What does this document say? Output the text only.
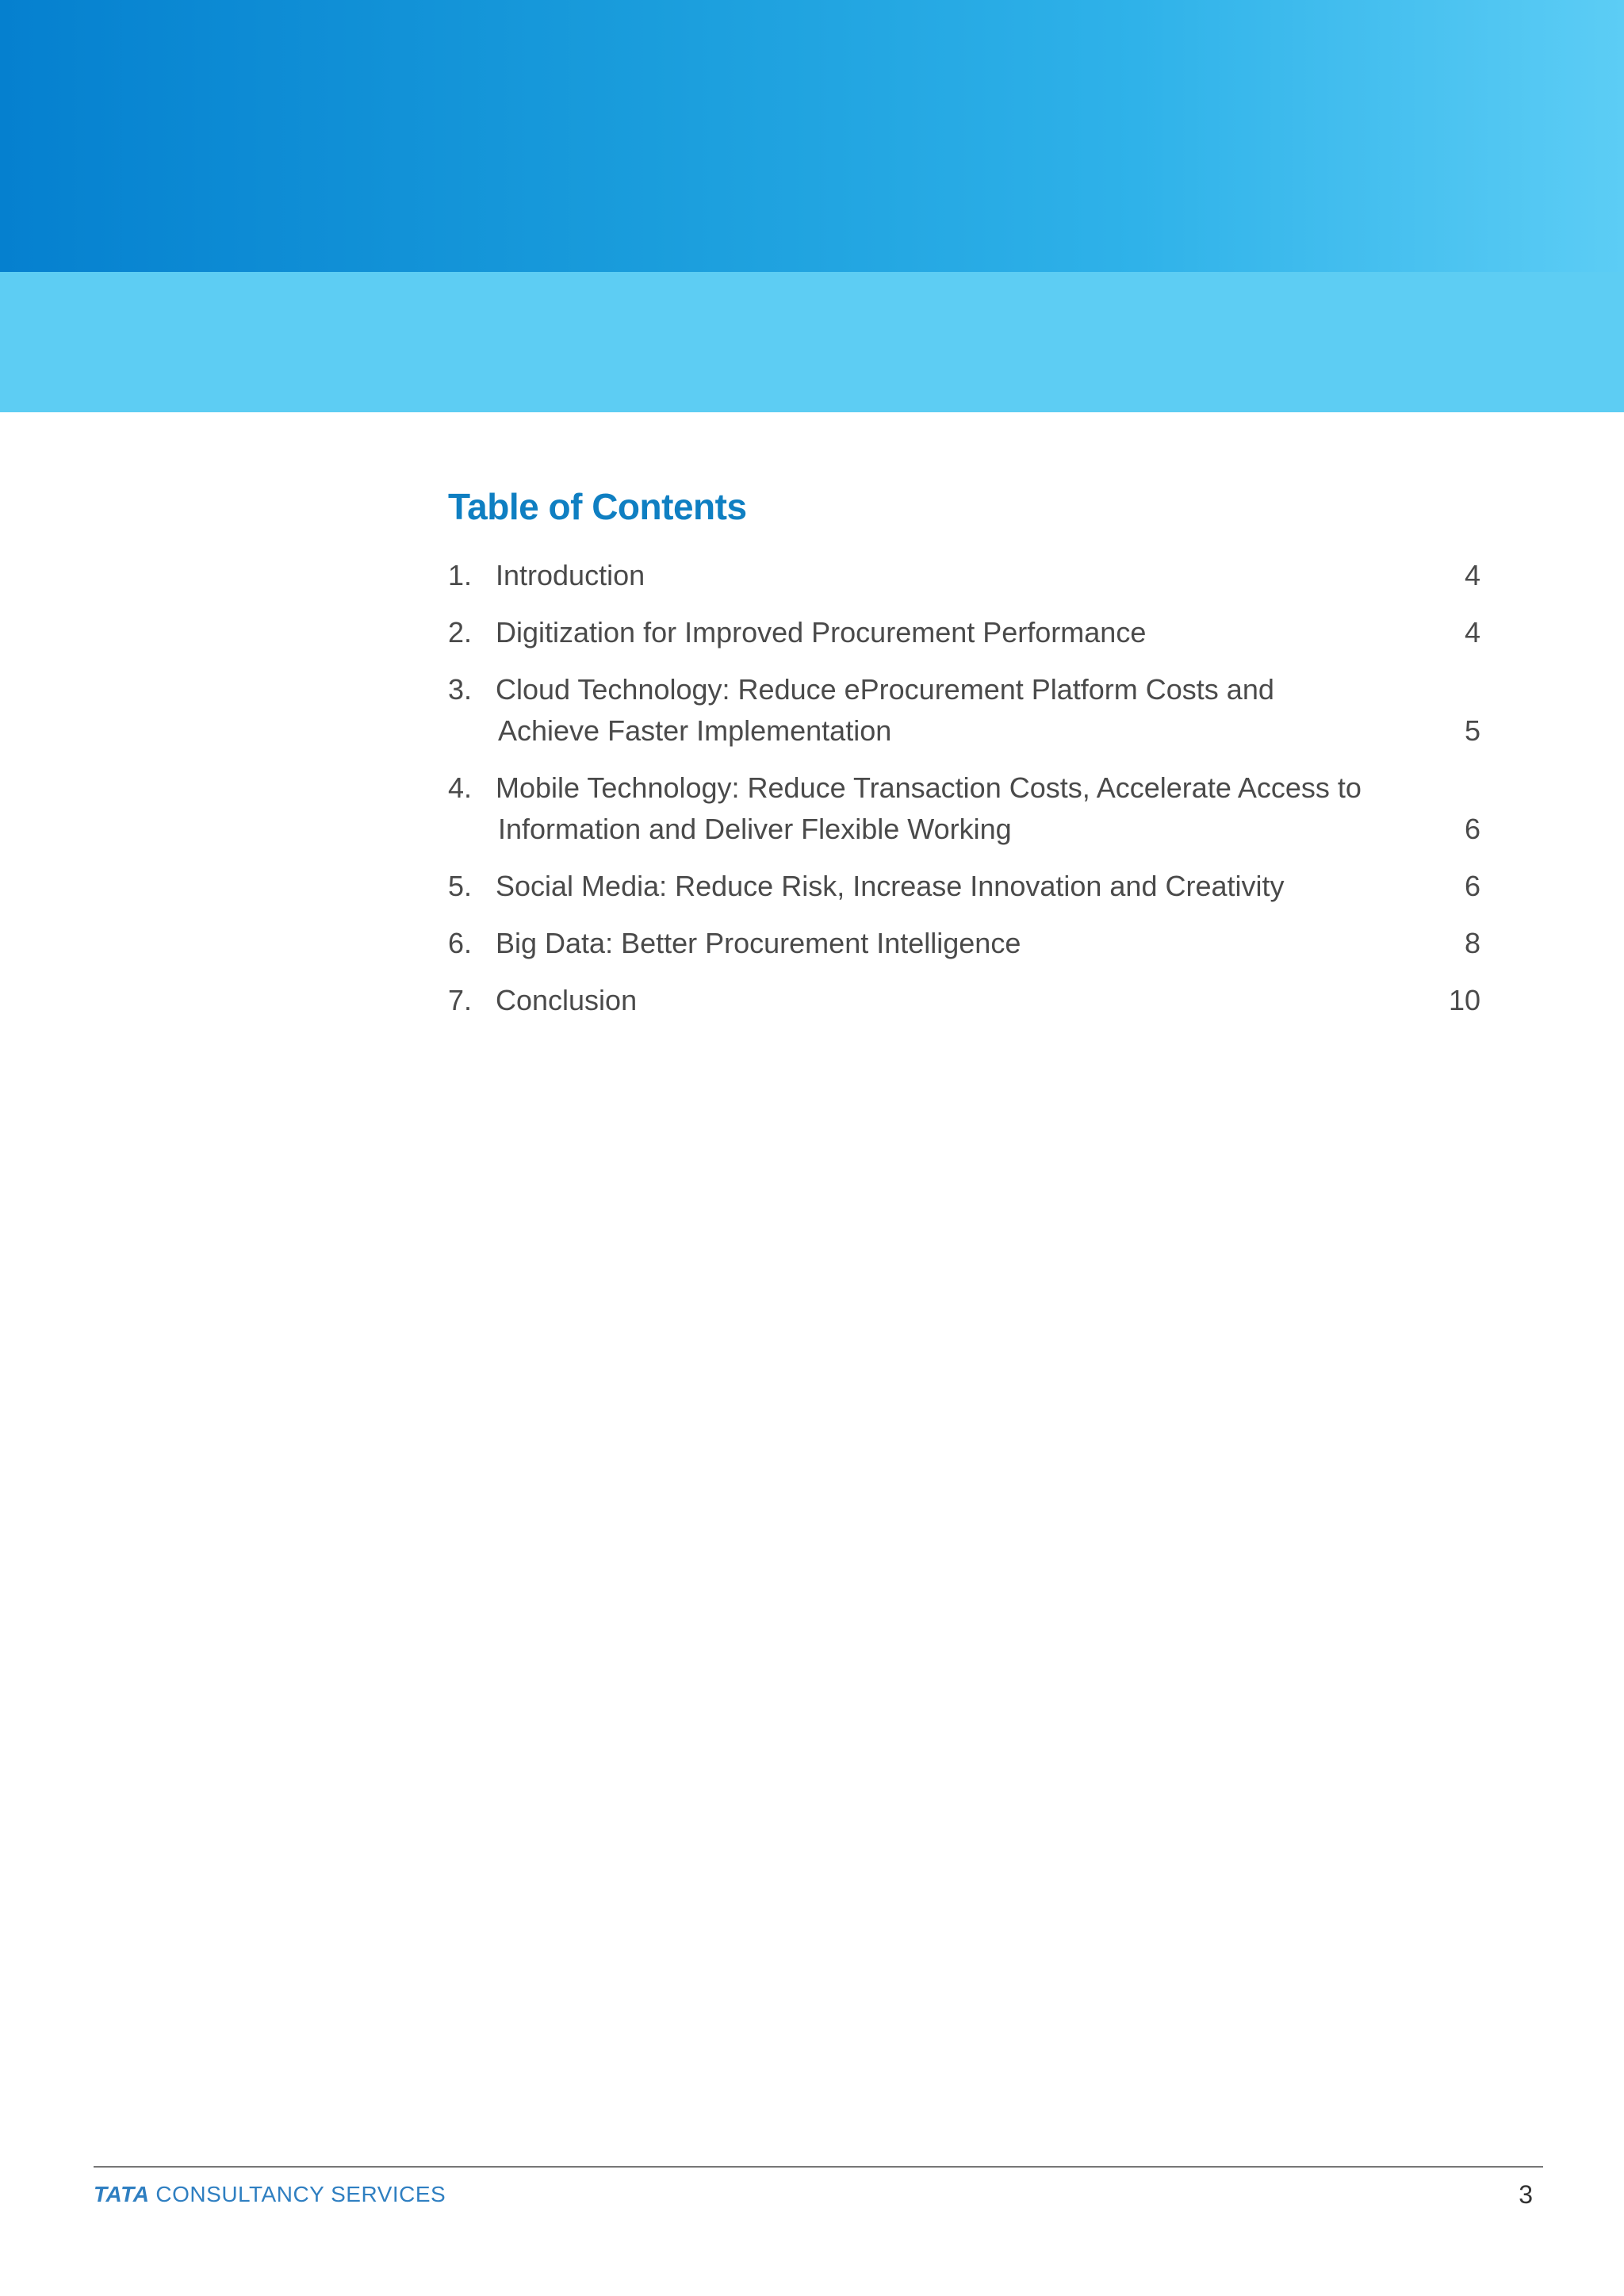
Table of Contents
1. Introduction	4
2. Digitization for Improved Procurement Performance	4
3. Cloud Technology: Reduce eProcurement Platform Costs and
Achieve Faster Implementation	5
4. Mobile Technology: Reduce Transaction Costs, Accelerate Access to
Information and Deliver Flexible Working	6
5. Social Media: Reduce Risk, Increase Innovation and Creativity	6
6. Big Data: Better Procurement Intelligence	8
7. Conclusion	10
TATA CONSULTANCY SERVICES	3
